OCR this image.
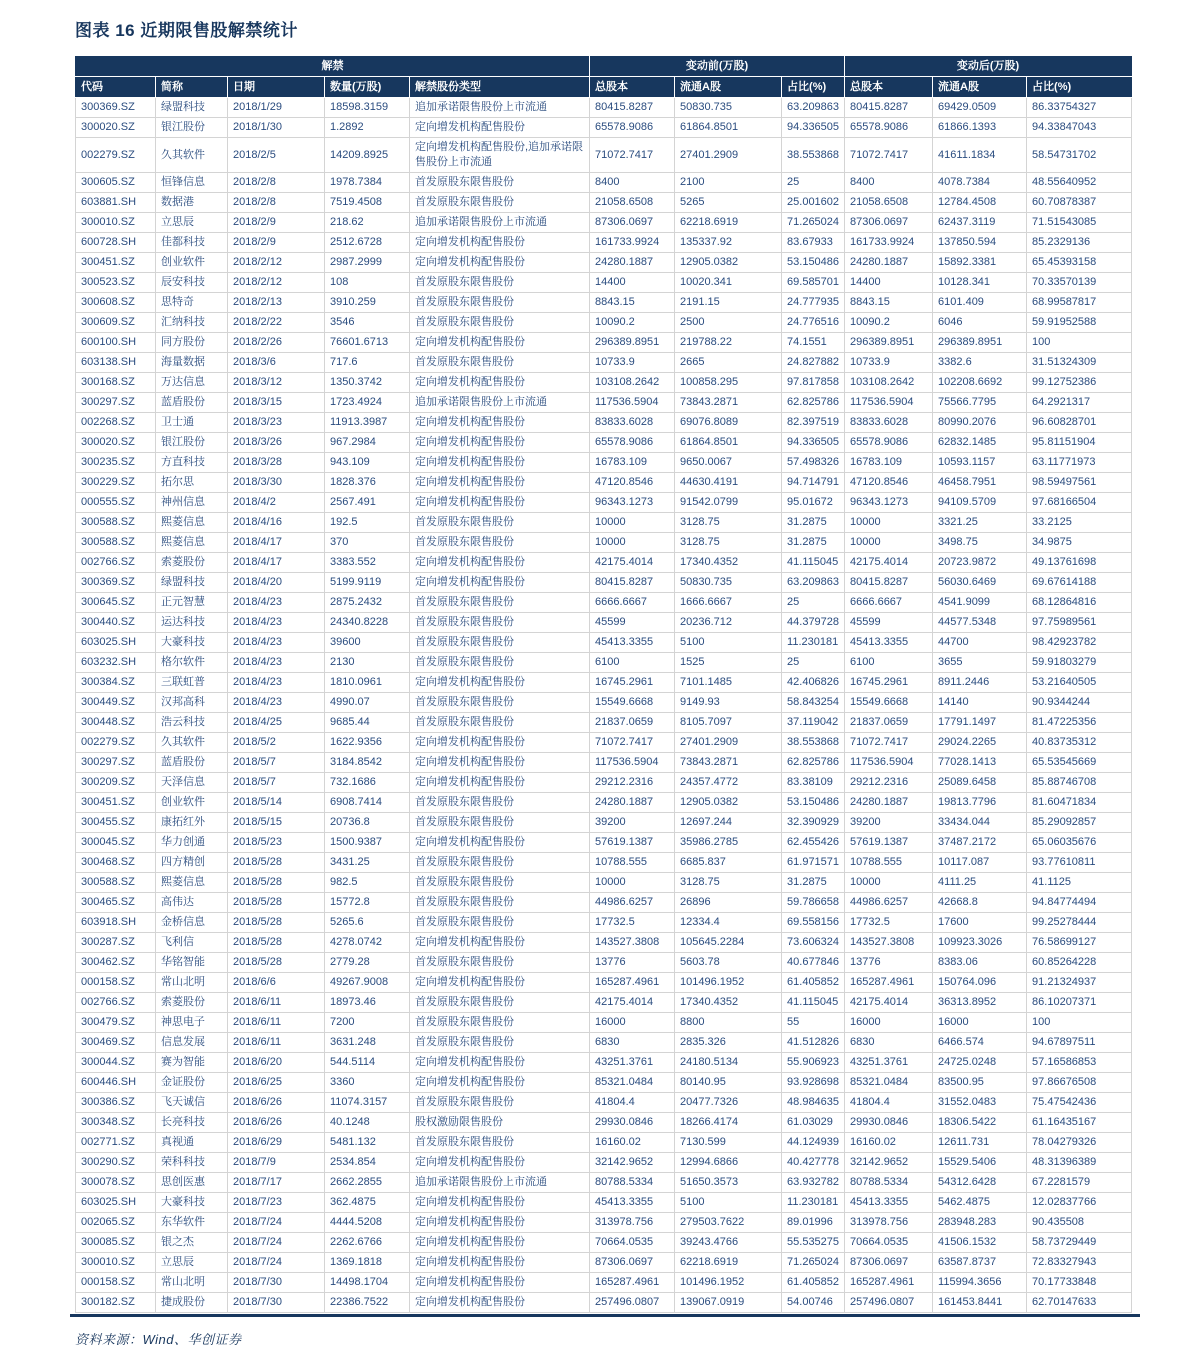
图表 16 近期限售股解禁统计
解禁					变动前(万股)			变动后(万股)		
代码	简称	日期	数量(万股)	解禁股份类型	总股本	流通A股	占比(%)	总股本	流通A股	占比(%)
300369.SZ	绿盟科技	2018/1/29	18598.3159	追加承诺限售股份上市流通	80415.8287	50830.735	63.209863	80415.8287	69429.0509	86.33754327
300020.SZ	银江股份	2018/1/30	1.2892	定向增发机构配售股份	65578.9086	61864.8501	94.336505	65578.9086	61866.1393	94.33847043
002279.SZ	久其软件	2018/2/5	14209.8925	定向增发机构配售股份,追加承诺限售股份上市流通	71072.7417	27401.2909	38.553868	71072.7417	41611.1834	58.54731702
300605.SZ	恒锋信息	2018/2/8	1978.7384	首发原股东限售股份	8400	2100	25	8400	4078.7384	48.55640952
603881.SH	数据港	2018/2/8	7519.4508	首发原股东限售股份	21058.6508	5265	25.001602	21058.6508	12784.4508	60.70878387
300010.SZ	立思辰	2018/2/9	218.62	追加承诺限售股份上市流通	87306.0697	62218.6919	71.265024	87306.0697	62437.3119	71.51543085
600728.SH	佳都科技	2018/2/9	2512.6728	定向增发机构配售股份	161733.9924	135337.92	83.67933	161733.9924	137850.594	85.2329136
300451.SZ	创业软件	2018/2/12	2987.2999	定向增发机构配售股份	24280.1887	12905.0382	53.150486	24280.1887	15892.3381	65.45393158
300523.SZ	辰安科技	2018/2/12	108	首发原股东限售股份	14400	10020.341	69.585701	14400	10128.341	70.33570139
300608.SZ	思特奇	2018/2/13	3910.259	首发原股东限售股份	8843.15	2191.15	24.777935	8843.15	6101.409	68.99587817
300609.SZ	汇纳科技	2018/2/22	3546	首发原股东限售股份	10090.2	2500	24.776516	10090.2	6046	59.91952588
600100.SH	同方股份	2018/2/26	76601.6713	定向增发机构配售股份	296389.8951	219788.22	74.1551	296389.8951	296389.8951	100
603138.SH	海量数据	2018/3/6	717.6	首发原股东限售股份	10733.9	2665	24.827882	10733.9	3382.6	31.51324309
300168.SZ	万达信息	2018/3/12	1350.3742	定向增发机构配售股份	103108.2642	100858.295	97.817858	103108.2642	102208.6692	99.12752386
300297.SZ	蓝盾股份	2018/3/15	1723.4924	追加承诺限售股份上市流通	117536.5904	73843.2871	62.825786	117536.5904	75566.7795	64.2921317
002268.SZ	卫士通	2018/3/23	11913.3987	定向增发机构配售股份	83833.6028	69076.8089	82.397519	83833.6028	80990.2076	96.60828701
300020.SZ	银江股份	2018/3/26	967.2984	定向增发机构配售股份	65578.9086	61864.8501	94.336505	65578.9086	62832.1485	95.81151904
300235.SZ	方直科技	2018/3/28	943.109	定向增发机构配售股份	16783.109	9650.0067	57.498326	16783.109	10593.1157	63.11771973
300229.SZ	拓尔思	2018/3/30	1828.376	定向增发机构配售股份	47120.8546	44630.4191	94.714791	47120.8546	46458.7951	98.59497561
000555.SZ	神州信息	2018/4/2	2567.491	定向增发机构配售股份	96343.1273	91542.0799	95.01672	96343.1273	94109.5709	97.68166504
300588.SZ	熙菱信息	2018/4/16	192.5	首发原股东限售股份	10000	3128.75	31.2875	10000	3321.25	33.2125
300588.SZ	熙菱信息	2018/4/17	370	首发原股东限售股份	10000	3128.75	31.2875	10000	3498.75	34.9875
002766.SZ	索菱股份	2018/4/17	3383.552	定向增发机构配售股份	42175.4014	17340.4352	41.115045	42175.4014	20723.9872	49.13761698
300369.SZ	绿盟科技	2018/4/20	5199.9119	定向增发机构配售股份	80415.8287	50830.735	63.209863	80415.8287	56030.6469	69.67614188
300645.SZ	正元智慧	2018/4/23	2875.2432	首发原股东限售股份	6666.6667	1666.6667	25	6666.6667	4541.9099	68.12864816
300440.SZ	运达科技	2018/4/23	24340.8228	首发原股东限售股份	45599	20236.712	44.379728	45599	44577.5348	97.75989561
603025.SH	大豪科技	2018/4/23	39600	首发原股东限售股份	45413.3355	5100	11.230181	45413.3355	44700	98.42923782
603232.SH	格尔软件	2018/4/23	2130	首发原股东限售股份	6100	1525	25	6100	3655	59.91803279
300384.SZ	三联虹普	2018/4/23	1810.0961	定向增发机构配售股份	16745.2961	7101.1485	42.406826	16745.2961	8911.2446	53.21640505
300449.SZ	汉邦高科	2018/4/23	4990.07	首发原股东限售股份	15549.6668	9149.93	58.843254	15549.6668	14140	90.9344244
300448.SZ	浩云科技	2018/4/25	9685.44	首发原股东限售股份	21837.0659	8105.7097	37.119042	21837.0659	17791.1497	81.47225356
002279.SZ	久其软件	2018/5/2	1622.9356	定向增发机构配售股份	71072.7417	27401.2909	38.553868	71072.7417	29024.2265	40.83735312
300297.SZ	蓝盾股份	2018/5/7	3184.8542	定向增发机构配售股份	117536.5904	73843.2871	62.825786	117536.5904	77028.1413	65.53545669
300209.SZ	天泽信息	2018/5/7	732.1686	定向增发机构配售股份	29212.2316	24357.4772	83.38109	29212.2316	25089.6458	85.88746708
300451.SZ	创业软件	2018/5/14	6908.7414	首发原股东限售股份	24280.1887	12905.0382	53.150486	24280.1887	19813.7796	81.60471834
300455.SZ	康拓红外	2018/5/15	20736.8	首发原股东限售股份	39200	12697.244	32.390929	39200	33434.044	85.29092857
300045.SZ	华力创通	2018/5/23	1500.9387	定向增发机构配售股份	57619.1387	35986.2785	62.455426	57619.1387	37487.2172	65.06035676
300468.SZ	四方精创	2018/5/28	3431.25	首发原股东限售股份	10788.555	6685.837	61.971571	10788.555	10117.087	93.77610811
300588.SZ	熙菱信息	2018/5/28	982.5	首发原股东限售股份	10000	3128.75	31.2875	10000	4111.25	41.1125
300465.SZ	高伟达	2018/5/28	15772.8	首发原股东限售股份	44986.6257	26896	59.786658	44986.6257	42668.8	94.84774494
603918.SH	金桥信息	2018/5/28	5265.6	首发原股东限售股份	17732.5	12334.4	69.558156	17732.5	17600	99.25278444
300287.SZ	飞利信	2018/5/28	4278.0742	定向增发机构配售股份	143527.3808	105645.2284	73.606324	143527.3808	109923.3026	76.58699127
300462.SZ	华铭智能	2018/5/28	2779.28	首发原股东限售股份	13776	5603.78	40.677846	13776	8383.06	60.85264228
000158.SZ	常山北明	2018/6/6	49267.9008	定向增发机构配售股份	165287.4961	101496.1952	61.405852	165287.4961	150764.096	91.21324937
002766.SZ	索菱股份	2018/6/11	18973.46	首发原股东限售股份	42175.4014	17340.4352	41.115045	42175.4014	36313.8952	86.10207371
300479.SZ	神思电子	2018/6/11	7200	首发原股东限售股份	16000	8800	55	16000	16000	100
300469.SZ	信息发展	2018/6/11	3631.248	首发原股东限售股份	6830	2835.326	41.512826	6830	6466.574	94.67897511
300044.SZ	赛为智能	2018/6/20	544.5114	定向增发机构配售股份	43251.3761	24180.5134	55.906923	43251.3761	24725.0248	57.16586853
600446.SH	金证股份	2018/6/25	3360	定向增发机构配售股份	85321.0484	80140.95	93.928698	85321.0484	83500.95	97.86676508
300386.SZ	飞天诚信	2018/6/26	11074.3157	首发原股东限售股份	41804.4	20477.7326	48.984635	41804.4	31552.0483	75.47542436
300348.SZ	长亮科技	2018/6/26	40.1248	股权激励限售股份	29930.0846	18266.4174	61.03029	29930.0846	18306.5422	61.16435167
002771.SZ	真视通	2018/6/29	5481.132	首发原股东限售股份	16160.02	7130.599	44.124939	16160.02	12611.731	78.04279326
300290.SZ	荣科科技	2018/7/9	2534.854	定向增发机构配售股份	32142.9652	12994.6866	40.427778	32142.9652	15529.5406	48.31396389
300078.SZ	思创医惠	2018/7/17	2662.2855	追加承诺限售股份上市流通	80788.5334	51650.3573	63.932782	80788.5334	54312.6428	67.2281579
603025.SH	大豪科技	2018/7/23	362.4875	定向增发机构配售股份	45413.3355	5100	11.230181	45413.3355	5462.4875	12.02837766
002065.SZ	东华软件	2018/7/24	4444.5208	定向增发机构配售股份	313978.756	279503.7622	89.01996	313978.756	283948.283	90.435508
300085.SZ	银之杰	2018/7/24	2262.6766	定向增发机构配售股份	70664.0535	39243.4766	55.535275	70664.0535	41506.1532	58.73729449
300010.SZ	立思辰	2018/7/24	1369.1818	定向增发机构配售股份	87306.0697	62218.6919	71.265024	87306.0697	63587.8737	72.83327943
000158.SZ	常山北明	2018/7/30	14498.1704	定向增发机构配售股份	165287.4961	101496.1952	61.405852	165287.4961	115994.3656	70.17733848
300182.SZ	捷成股份	2018/7/30	22386.7522	定向增发机构配售股份	257496.0807	139067.0919	54.00746	257496.0807	161453.8441	62.70147633
资料来源：Wind、华创证券
